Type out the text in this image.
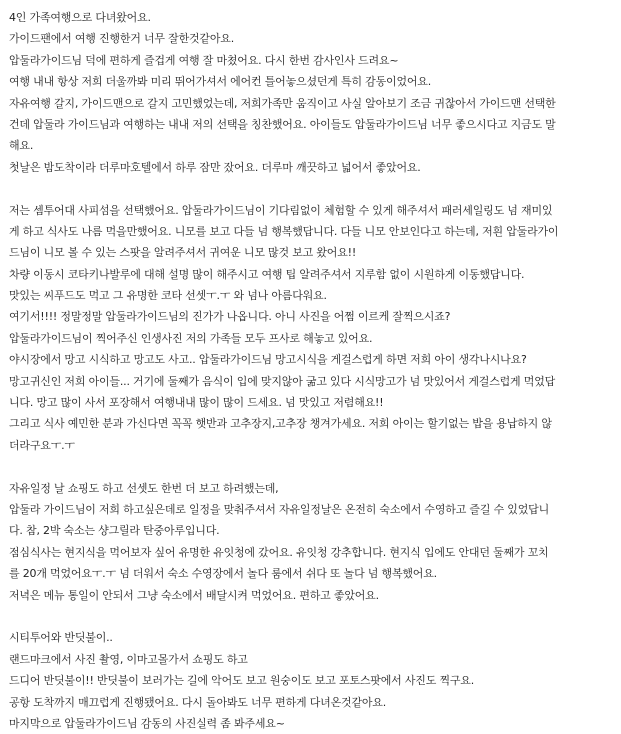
4인 가족여행으로 다녀왔어요.
가이드팬에서 여행 진행한거 너무 잘한것같아요.
압둘라가이드님 덕에 편하게 즐겁게 여행 잘 마쳤어요. 다시 한번 감사인사 드려요~
여행 내내 항상 저희 더울까봐 미리 뛰어가셔서 에어컨 틀어놓으셨던게 특히 감동이었어요.
자유여행 갈지, 가이드맨으로 갈지 고민했었는데, 저희가족만 움직이고 사실 알아보기 조금 귀찮아서 가이드맨 선택한
건데 압둘라 가이드님과 여행하는 내내 저의 선택을 칭찬했어요. 아이들도 압둘라가이드님 너무 좋으시다고 지금도 말
해요.
첫날은 밤도착이라 더루마호텔에서 하루 잠만 잤어요. 더루마 깨끗하고 넓어서 좋았어요.
저는 셈투어대 사피섬을 선택했어요. 압둘라가이드님이 기다림없이 체험할 수 있게 해주셔서 패러세일링도 넘 재미있
게 하고 식사도 나름 먹을만했어요. 니모를 보고 다들 넘 행복했답니다. 다들 니모 안보인다고 하는데, 저흰 압둘라가이
드님이 니모 볼 수 있는 스팟을 알려주셔서 귀여운 니모 많것 보고 왔어요!!
차량 이동시 코타키나발루에 대해 설명 많이 해주시고 여행 팁 알려주셔서 지루함 없이 시원하게 이동했답니다.
맛있는 씨푸드도 먹고 그 유명한 코타 선셋ㅜ.ㅜ 와 넘나 아름다워요.
여기서!!!! 정말정말 압둘라가이드님의 진가가 나옵니다. 아니 사진을 어쩜 이르케 잘찍으시죠?
압둘라가이드님이 찍어주신 인생사진 저의 가족들 모두 프사로 해놓고 있어요.
야시장에서 망고 시식하고 망고도 사고.. 압둘라가이드님 망고시식을 게걸스럽게 하면 저희 아이 생각나시나요?
망고귀신인 저희 아이들... 거기에 둘째가 음식이 입에 맞지않아 굶고 있다 시식망고가 넘 맛있어서 게걸스럽게 먹었답
니다. 망고 많이 사서 포장해서 여행내내 많이 많이 드세요. 넘 맛있고 저렴해요!!
그리고 식사 예민한 분과 가신다면 꼭꼭 햇반과 고추장지,고추장 챙겨가세요. 저희 아이는 할기없는 밥을 용납하지 않
더라구요ㅜ.ㅜ
자유일정 날 쇼핑도 하고 선셋도 한번 더 보고 하려했는데,
압둘라 가이드님이 저희 하고싶은데로 일정을 맞춰주셔서 자유일정날은 온전히 숙소에서 수영하고 즐길 수 있었답니
다. 참, 2박 숙소는 샹그릴라 탄중아루입니다.
점심식사는 현지식을 먹어보자 싶어 유명한 유잇청에 갔어요. 유잇청 강추합니다. 현지식 입에도 안대던 둘째가 꼬치
를 20개 먹었어요ㅜ.ㅜ 넘 더워서 숙소 수영장에서 놀다 룸에서 쉬다 또 놀다 넘 행복했어요.
저녁은 메뉴 통일이 안되서 그냥 숙소에서 배달시켜 먹었어요. 편하고 좋았어요.
시티투어와 반딧불이..
랜드마크에서 사진 촬영, 이마고몰가서 쇼핑도 하고
드디어 반딧불이!! 반딧불이 보러가는 길에 악어도 보고 원숭이도 보고 포토스팟에서 사진도 찍구요.
공항 도착까지 매끄럽게 진행됐어요. 다시 돌아봐도 너무 편하게 다녀온것같아요.
마지막으로 압둘라가이드님 감동의 사진실력 좀 봐주세요~
